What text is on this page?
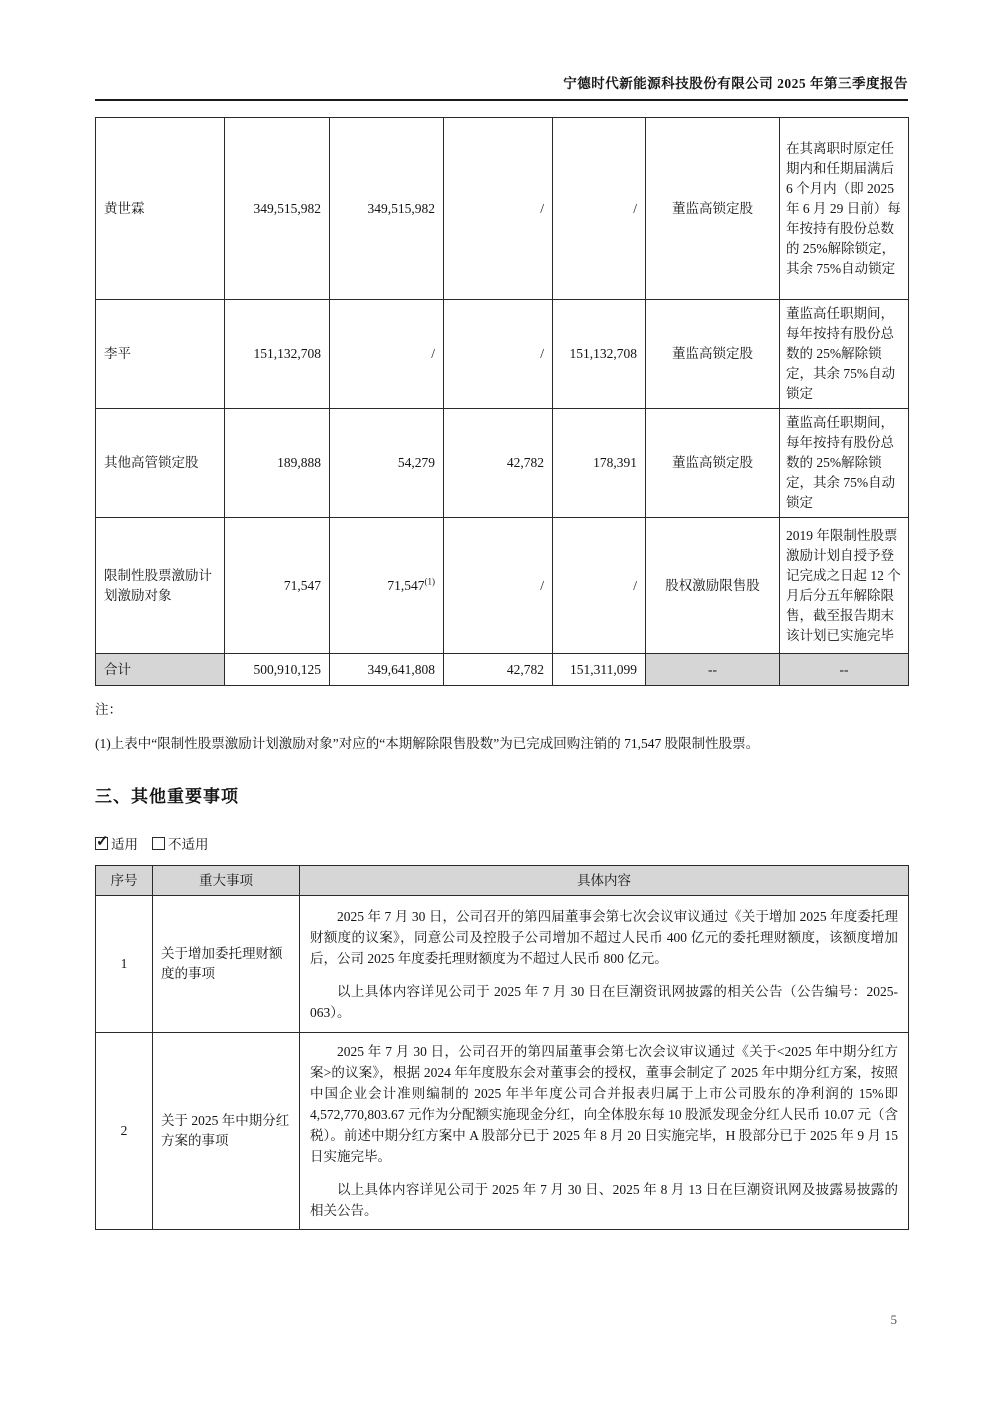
宁德时代新能源科技股份有限公司 2025 年第三季度报告
黄世霖	349,515,982	349,515,982	/	/	董监高锁定股	在其离职时原定任期内和任期届满后 6 个月内（即 2025 年 6 月 29 日前）每年按持有股份总数的 25%解除锁定，其余 75%自动锁定
李平	151,132,708	/	/	151,132,708	董监高锁定股	董监高任职期间，每年按持有股份总数的 25%解除锁定，其余 75%自动锁定
其他高管锁定股	189,888	54,279	42,782	178,391	董监高锁定股	董监高任职期间，每年按持有股份总数的 25%解除锁定，其余 75%自动锁定
限制性股票激励计划激励对象	71,547	71,547$^{(1)}$	/	/	股权激励限售股	2019 年限制性股票激励计划自授予登记完成之日起 12 个月后分五年解除限售，截至报告期末该计划已实施完毕
合计	500,910,125	349,641,808	42,782	151,311,099	--	--
注：
(1)上表中“限制性股票激励计划激励对象”对应的“本期解除限售股数”为已完成回购注销的 71,547 股限制性股票。
三、其他重要事项
✓
适用 不适用
序号	重大事项	具体内容
1	关于增加委托理财额度的事项	2025 年 7 月 30 日，公司召开的第四届董事会第七次会议审议通过《关于增加 2025 年度委托理财额度的议案》，同意公司及控股子公司增加不超过人民币 400 亿元的委托理财额度，该额度增加后，公司 2025 年度委托理财额度为不超过人民币 800 亿元。

以上具体内容详见公司于 2025 年 7 月 30 日在巨潮资讯网披露的相关公告（公告编号：2025-063）。

2	关于 2025 年中期分红方案的事项	2025 年 7 月 30 日，公司召开的第四届董事会第七次会议审议通过《关于<2025 年中期分红方案>的议案》，根据 2024 年年度股东会对董事会的授权，董事会制定了 2025 年中期分红方案，按照中国企业会计准则编制的 2025 年半年度公司合并报表归属于上市公司股东的净利润的 15%即 4,572,770,803.67 元作为分配额实施现金分红，向全体股东每 10 股派发现金分红人民币 10.07 元（含税）。前述中期分红方案中 A 股部分已于 2025 年 8 月 20 日实施完毕，H 股部分已于 2025 年 9 月 15 日实施完毕。

以上具体内容详见公司于 2025 年 7 月 30 日、2025 年 8 月 13 日在巨潮资讯网及披露易披露的相关公告。

5
